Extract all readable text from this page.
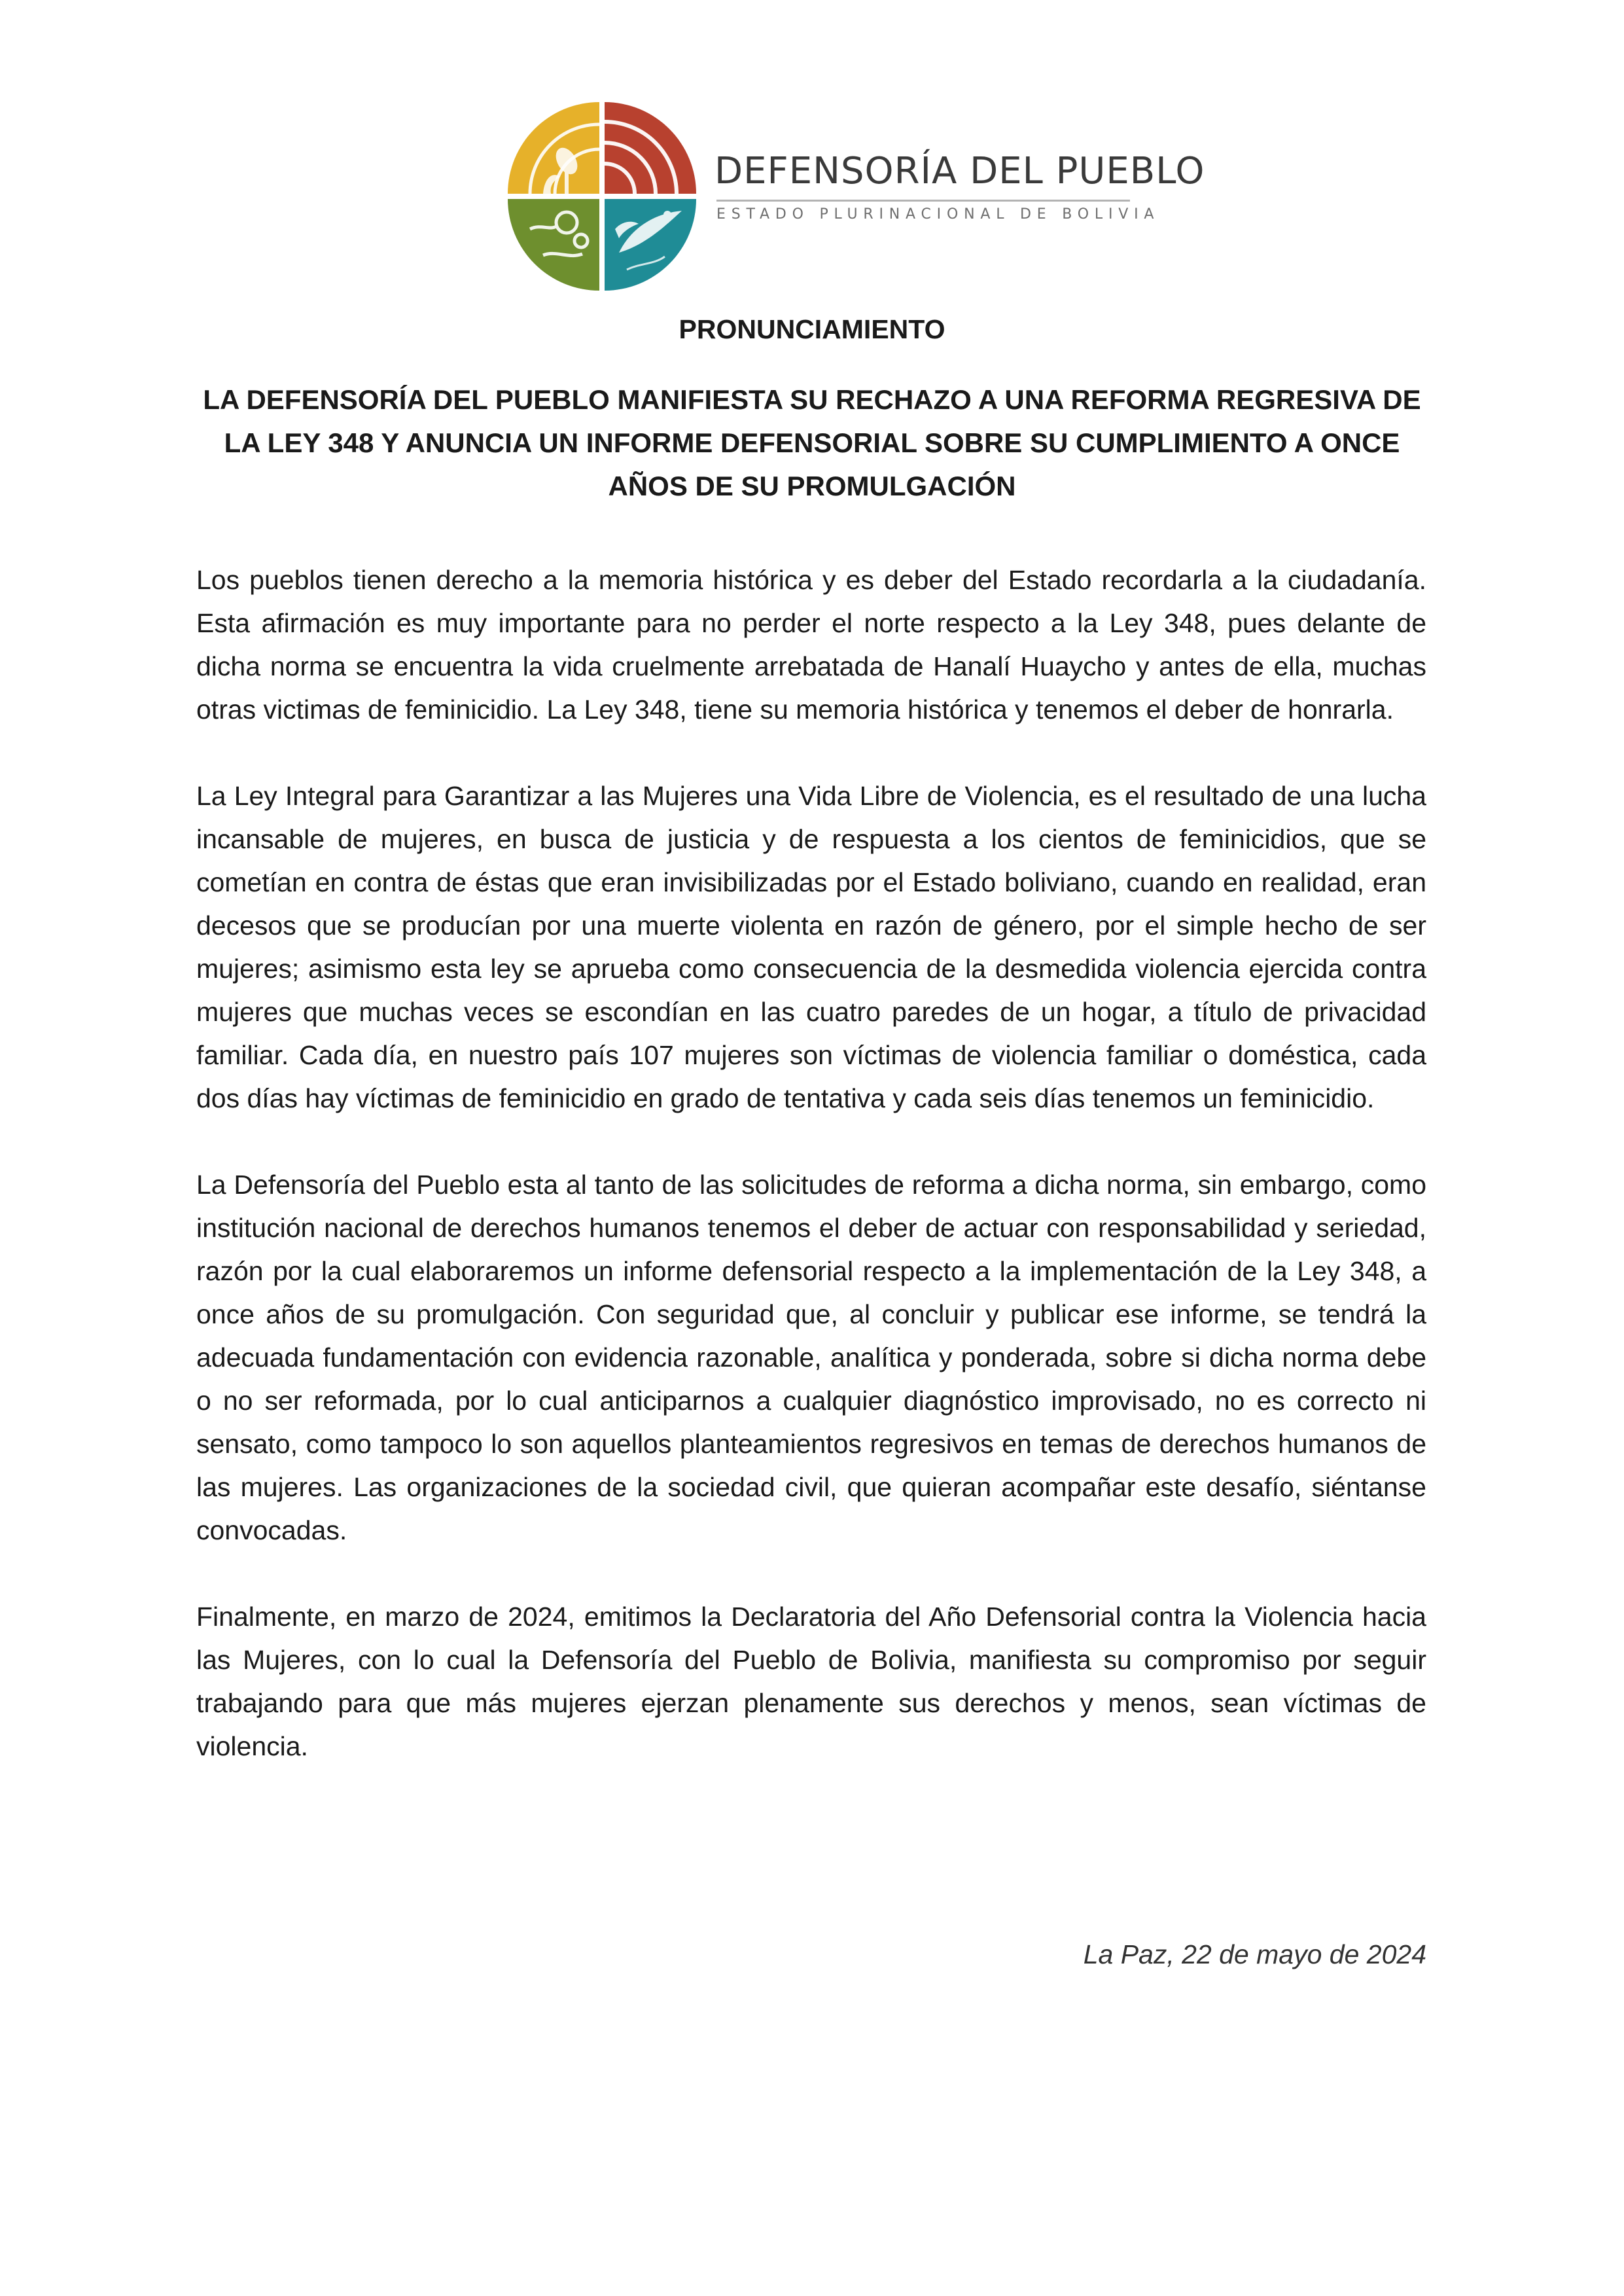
DEFENSORÍA DEL PUEBLO
ESTADO PLURINACIONAL DE BOLIVIA
PRONUNCIAMIENTO
LA DEFENSORÍA DEL PUEBLO MANIFIESTA SU RECHAZO A UNA REFORMA REGRESIVA DE
LA LEY 348 Y ANUNCIA UN INFORME DEFENSORIAL SOBRE SU CUMPLIMIENTO A ONCE
AÑOS DE SU PROMULGACIÓN

Los pueblos tienen derecho a la memoria histórica y es deber del Estado recordarla a la ciudadanía. Esta afirmación es muy importante para no perder el norte respecto a la Ley 348, pues delante de dicha norma se encuentra la vida cruelmente arrebatada de Hanalí Huaycho y antes de ella, muchas otras victimas de feminicidio. La Ley 348, tiene su memoria histórica y tenemos el deber de honrarla.

La Ley Integral para Garantizar a las Mujeres una Vida Libre de Violencia, es el resultado de una lucha incansable de mujeres, en busca de justicia y de respuesta a los cientos de feminicidios, que se cometían en contra de éstas que eran invisibilizadas por el Estado boliviano, cuando en realidad, eran decesos que se producían por una muerte violenta en razón de género, por el simple hecho de ser mujeres; asimismo esta ley se aprueba como consecuencia de la desmedida violencia ejercida contra mujeres que muchas veces se escondían en las cuatro paredes de un hogar, a título de privacidad familiar. Cada día, en nuestro país 107 mujeres son víctimas de violencia familiar o doméstica, cada dos días hay víctimas de feminicidio en grado de tentativa y cada seis días tenemos un feminicidio.

La Defensoría del Pueblo esta al tanto de las solicitudes de reforma a dicha norma, sin embargo, como institución nacional de derechos humanos tenemos el deber de actuar con responsabilidad y seriedad, razón por la cual elaboraremos un informe defensorial respecto a la implementación de la Ley 348, a once años de su promulgación. Con seguridad que, al concluir y publicar ese informe, se tendrá la adecuada fundamentación con evidencia razonable, analítica y ponderada, sobre si dicha norma debe o no ser reformada, por lo cual anticiparnos a cualquier diagnóstico improvisado, no es correcto ni sensato, como tampoco lo son aquellos planteamientos regresivos en temas de derechos humanos de las mujeres. Las organizaciones de la sociedad civil, que quieran acompañar este desafío, siéntanse convocadas.

Finalmente, en marzo de 2024, emitimos la Declaratoria del Año Defensorial contra la Violencia hacia las Mujeres, con lo cual la Defensoría del Pueblo de Bolivia, manifiesta su compromiso por seguir trabajando para que más mujeres ejerzan plenamente sus derechos y menos, sean víctimas de violencia.

La Paz, 22 de mayo de 2024
